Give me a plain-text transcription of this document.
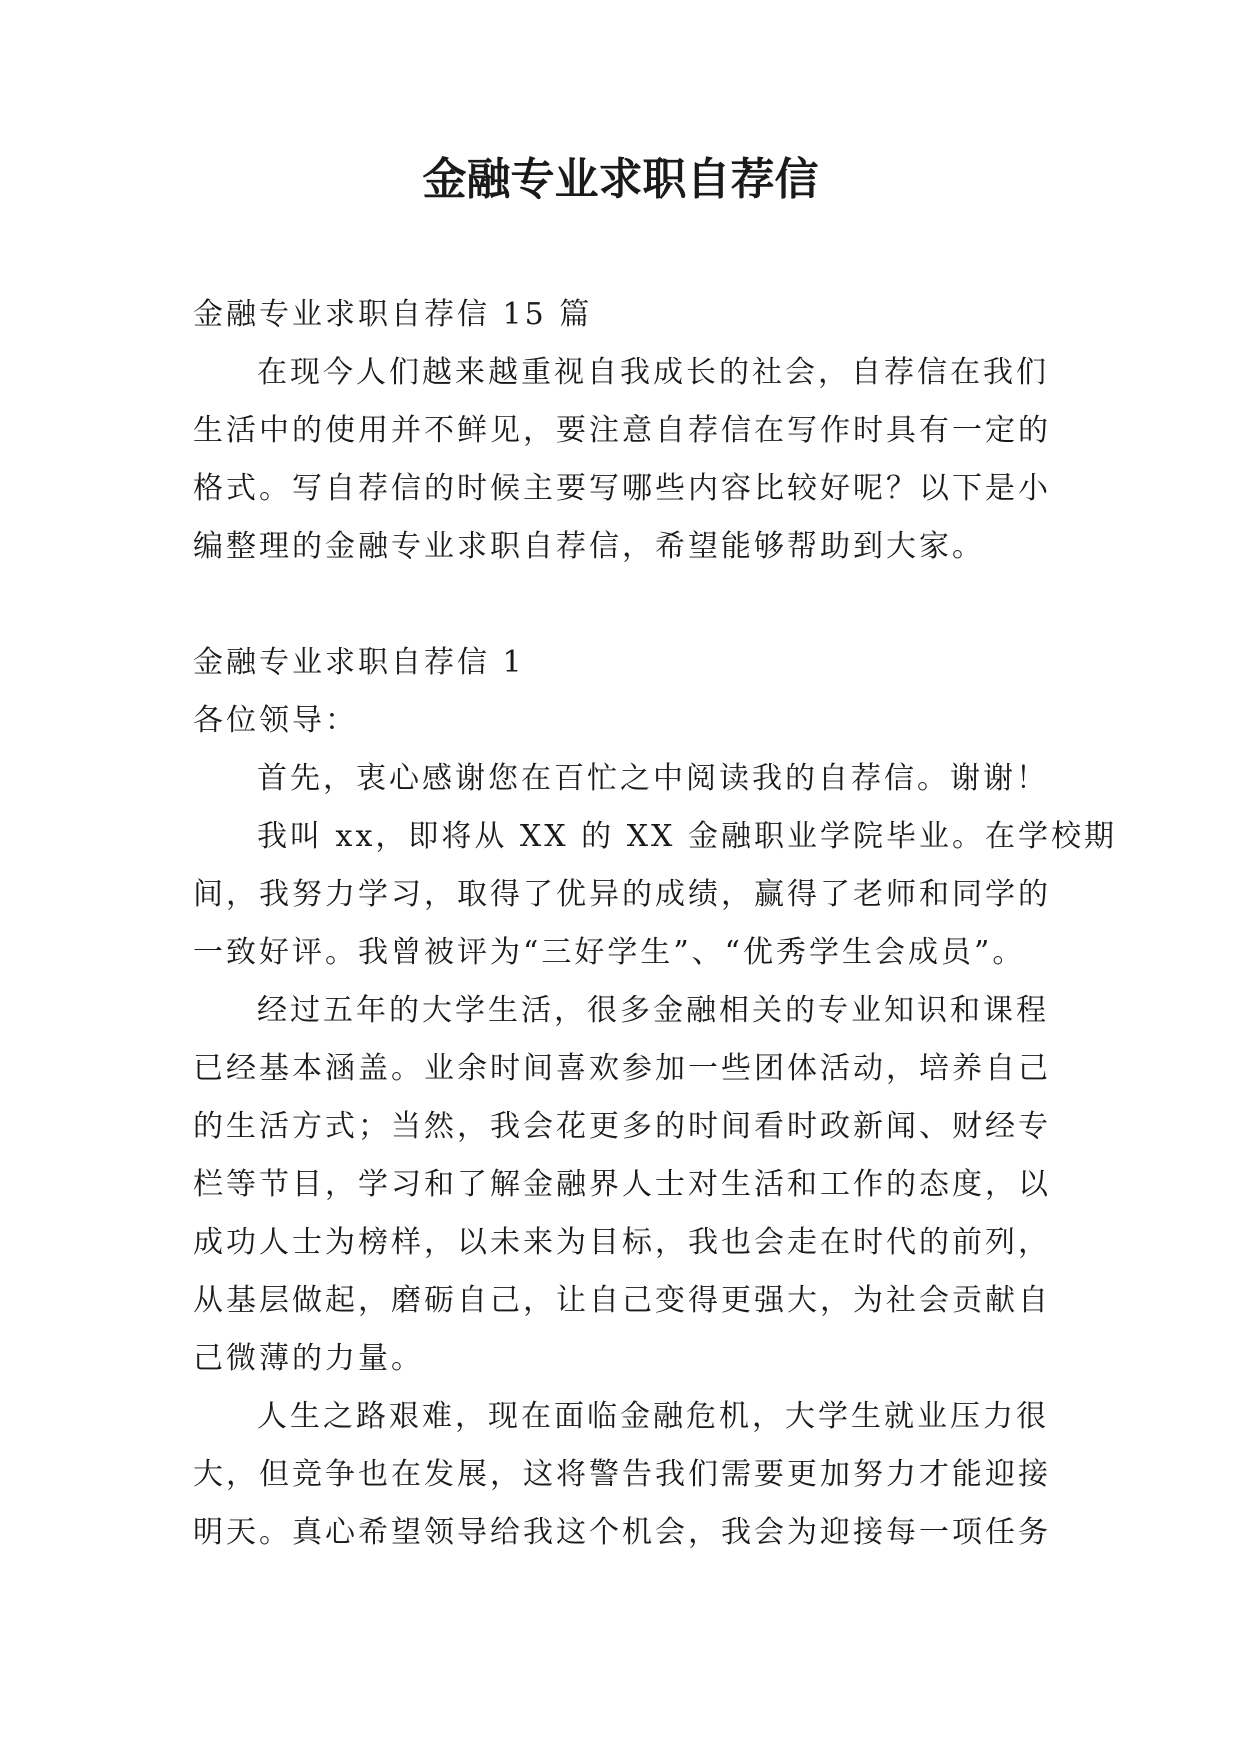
金融专业求职自荐信
金融专业求职自荐信 15 篇
在现今人们越来越重视自我成长的社会，自荐信在我们
生活中的使用并不鲜见，要注意自荐信在写作时具有一定的
格式。写自荐信的时候主要写哪些内容比较好呢？以下是小
编整理的金融专业求职自荐信，希望能够帮助到大家。
金融专业求职自荐信 1
各位领导：
首先，衷心感谢您在百忙之中阅读我的自荐信。谢谢！
我叫 xx，即将从 XX 的 XX 金融职业学院毕业。在学校期
间，我努力学习，取得了优异的成绩，赢得了老师和同学的
一致好评。我曾被评为“三好学生”、“优秀学生会成员”。
经过五年的大学生活，很多金融相关的专业知识和课程
已经基本涵盖。业余时间喜欢参加一些团体活动，培养自己
的生活方式；当然，我会花更多的时间看时政新闻、财经专
栏等节目，学习和了解金融界人士对生活和工作的态度，以
成功人士为榜样，以未来为目标，我也会走在时代的前列，
从基层做起，磨砺自己，让自己变得更强大，为社会贡献自
己微薄的力量。
人生之路艰难，现在面临金融危机，大学生就业压力很
大，但竞争也在发展，这将警告我们需要更加努力才能迎接
明天。真心希望领导给我这个机会，我会为迎接每一项任务
